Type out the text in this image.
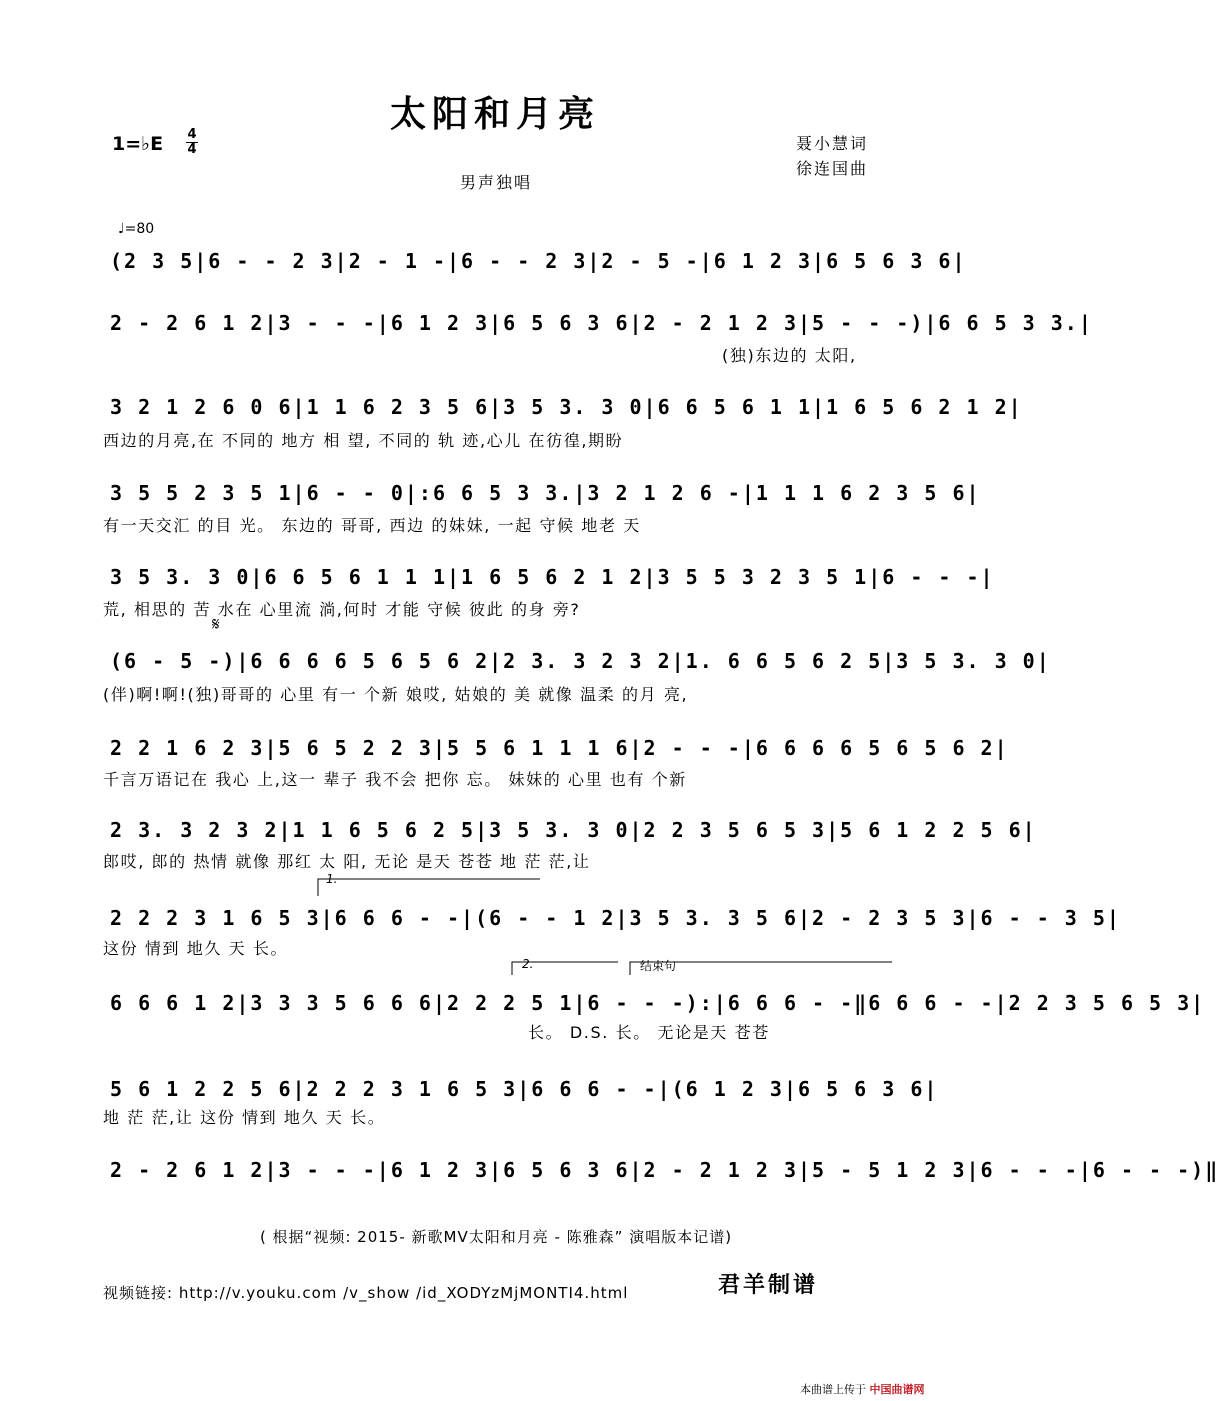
太阳和月亮
1=♭E 4
4	聂小慧词
徐连国曲
男声独唱
♩=80
(2 3 5|6 - - 2 3|2 - 1 -|6 - - 2 3|2 - 5 -|6 1 2 3|6 5 6 3 6|
2 - 2 6 1 2|3 - - -|6 1 2 3|6 5 6 3 6|2 - 2 1 2 3|5 - - -)|6 6 5 3 3.|
(独)东边的 太阳,
3 2 1 2 6 0 6|1 1 6 2 3 5 6|3 5 3. 3 0|6 6 5 6 1 1|1 6 5 6 2 1 2|
西边的月亮,在 不同的 地方 相 望, 不同的 轨 迹,心儿 在彷徨,期盼
3 5 5 2 3 5 1|6 - - 0|:6 6 5 3 3.|3 2 1 2 6 -|1 1 1 6 2 3 5 6|
有一天交汇 的目 光。 东边的 哥哥, 西边 的妹妹, 一起 守候 地老 天
3 5 3. 3 0|6 6 5 6 1 1 1|1 6 5 6 2 1 2|3 5 5 3 2 3 5 1|6 - - -|
荒, 相思的 苦 水在 心里流 淌,何时 才能 守候 彼此 的身 旁?
𝄋
(6 - 5 -)|6 6 6 6 5 6 5 6 2|2 3. 3 2 3 2|1. 6 6 5 6 2 5|3 5 3. 3 0|
(伴)啊!啊!(独)哥哥的 心里 有一 个新 娘哎, 姑娘的 美 就像 温柔 的月 亮,
2 2 1 6 2 3|5 6 5 2 2 3|5 5 6 1 1 1 6|2 - - -|6 6 6 6 5 6 5 6 2|
千言万语记在 我心 上,这一 辈子 我不会 把你 忘。 妹妹的 心里 也有 个新
2 3. 3 2 3 2|1 1 6 5 6 2 5|3 5 3. 3 0|2 2 3 5 6 5 3|5 6 1 2 2 5 6|
郎哎, 郎的 热情 就像 那红 太 阳, 无论 是天 苍苍 地 茫 茫,让
1.
2 2 2 3 1 6 5 3|6 6 6 - -|(6 - - 1 2|3 5 3. 3 5 6|2 - 2 3 5 3|6 - - 3 5|
这份 情到 地久 天 长。
2.	结束句
6 6 6 1 2|3 3 3 5 6 6 6|2 2 2 5 1|6 - - -):|6 6 6 - -‖6 6 6 - -|2 2 3 5 6 5 3|
长。 D.S. 长。 无论是天 苍苍
5 6 1 2 2 5 6|2 2 2 3 1 6 5 3|6 6 6 - -|(6 1 2 3|6 5 6 3 6|
地 茫 茫,让 这份 情到 地久 天 长。
2 - 2 6 1 2|3 - - -|6 1 2 3|6 5 6 3 6|2 - 2 1 2 3|5 - 5 1 2 3|6 - - -|6 - - -)‖
( 根据“视频: 2015- 新歌MV太阳和月亮 - 陈雅森” 演唱版本记谱)
视频链接: http://v.youku.com /v_show /id_XODYzMjMONTI4.html	君羊制谱
本曲谱上传于 中国曲谱网
